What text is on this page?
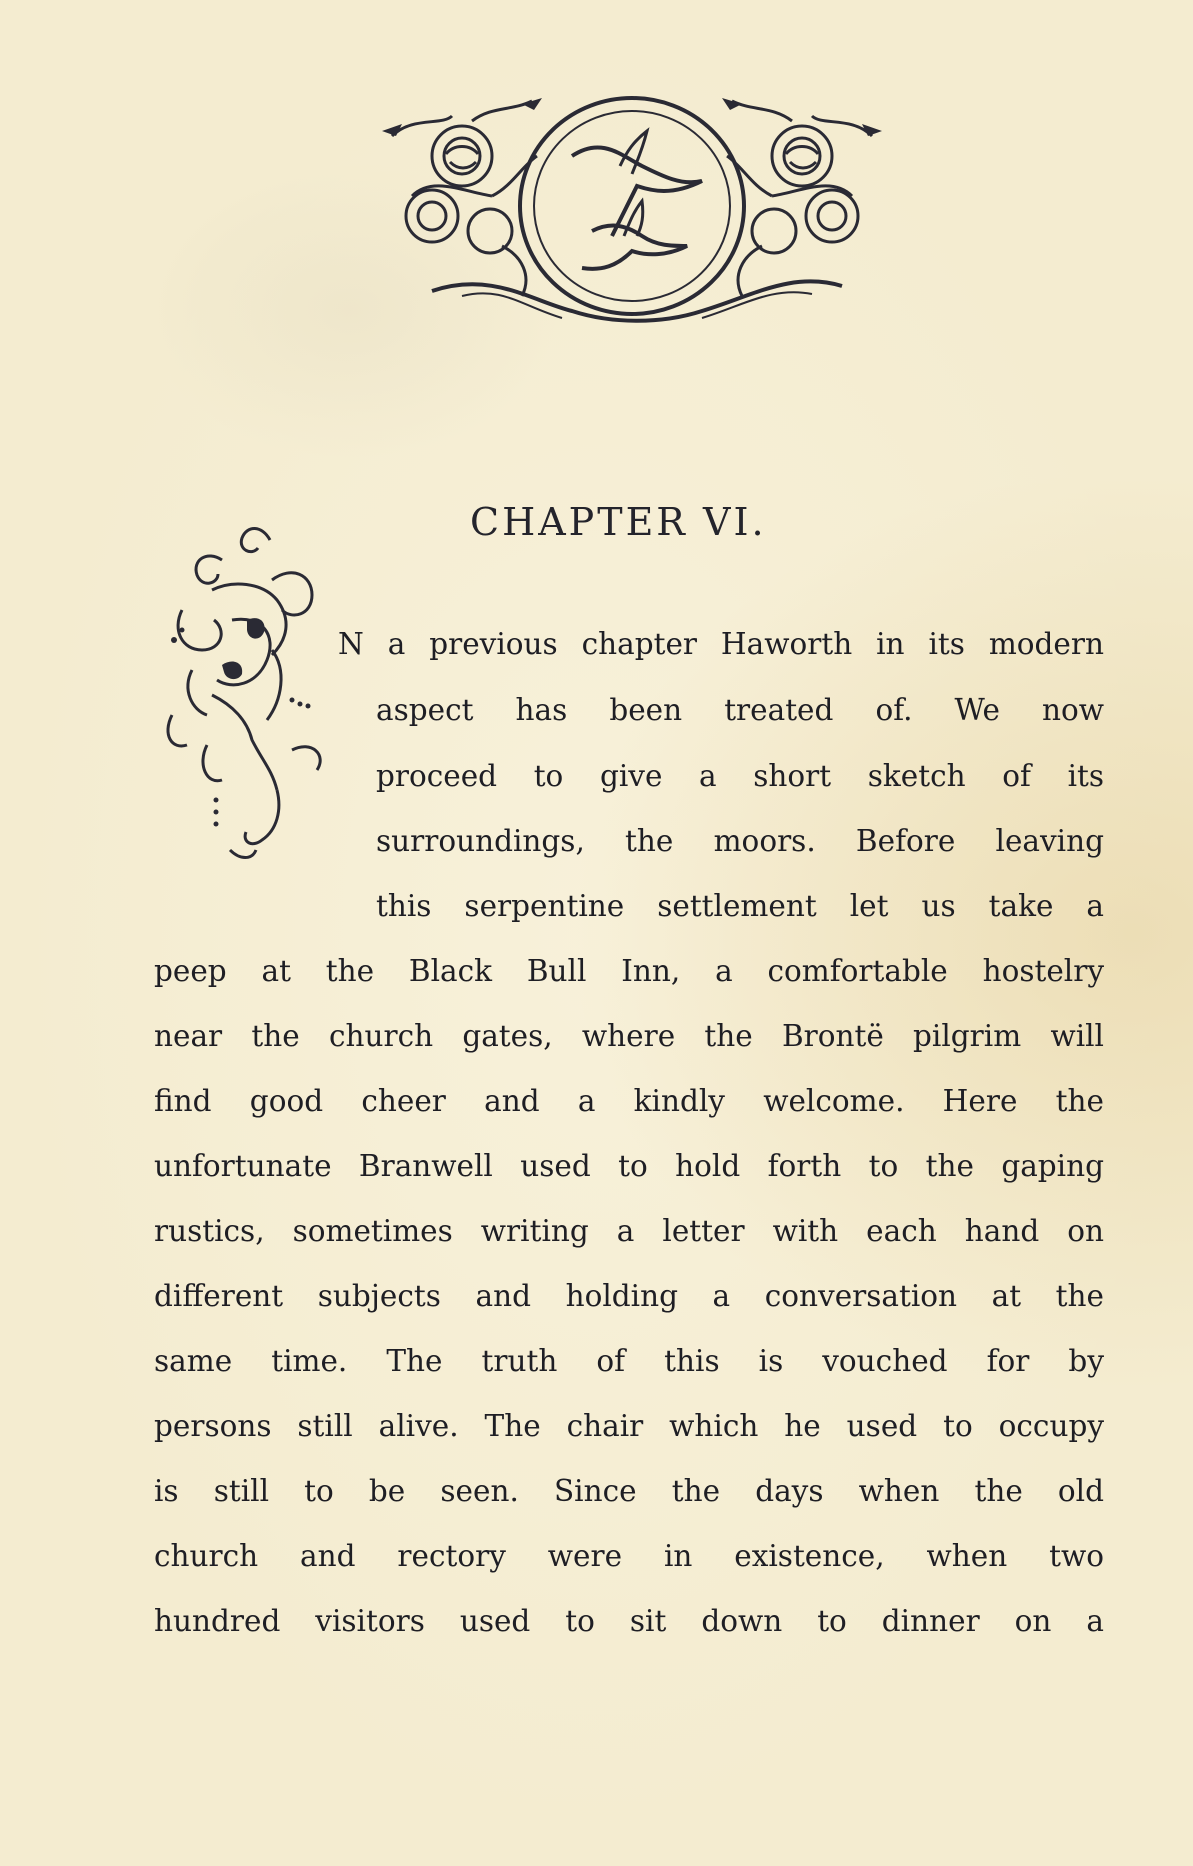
CHAPTER VI.
N a previous chapter Haworth in its modern
aspect has been treated of. We now
proceed to give a short sketch of its
surroundings, the moors. Before leaving
this serpentine settlement let us take a
peep at the Black Bull Inn, a comfortable hostelry
near the church gates, where the Brontë pilgrim will
find good cheer and a kindly welcome. Here the
unfortunate Branwell used to hold forth to the gaping
rustics, sometimes writing a letter with each hand on
different subjects and holding a conversation at the
same time. The truth of this is vouched for by
persons still alive. The chair which he used to occupy
is still to be seen. Since the days when the old
church and rectory were in existence, when two
hundred visitors used to sit down to dinner on a
